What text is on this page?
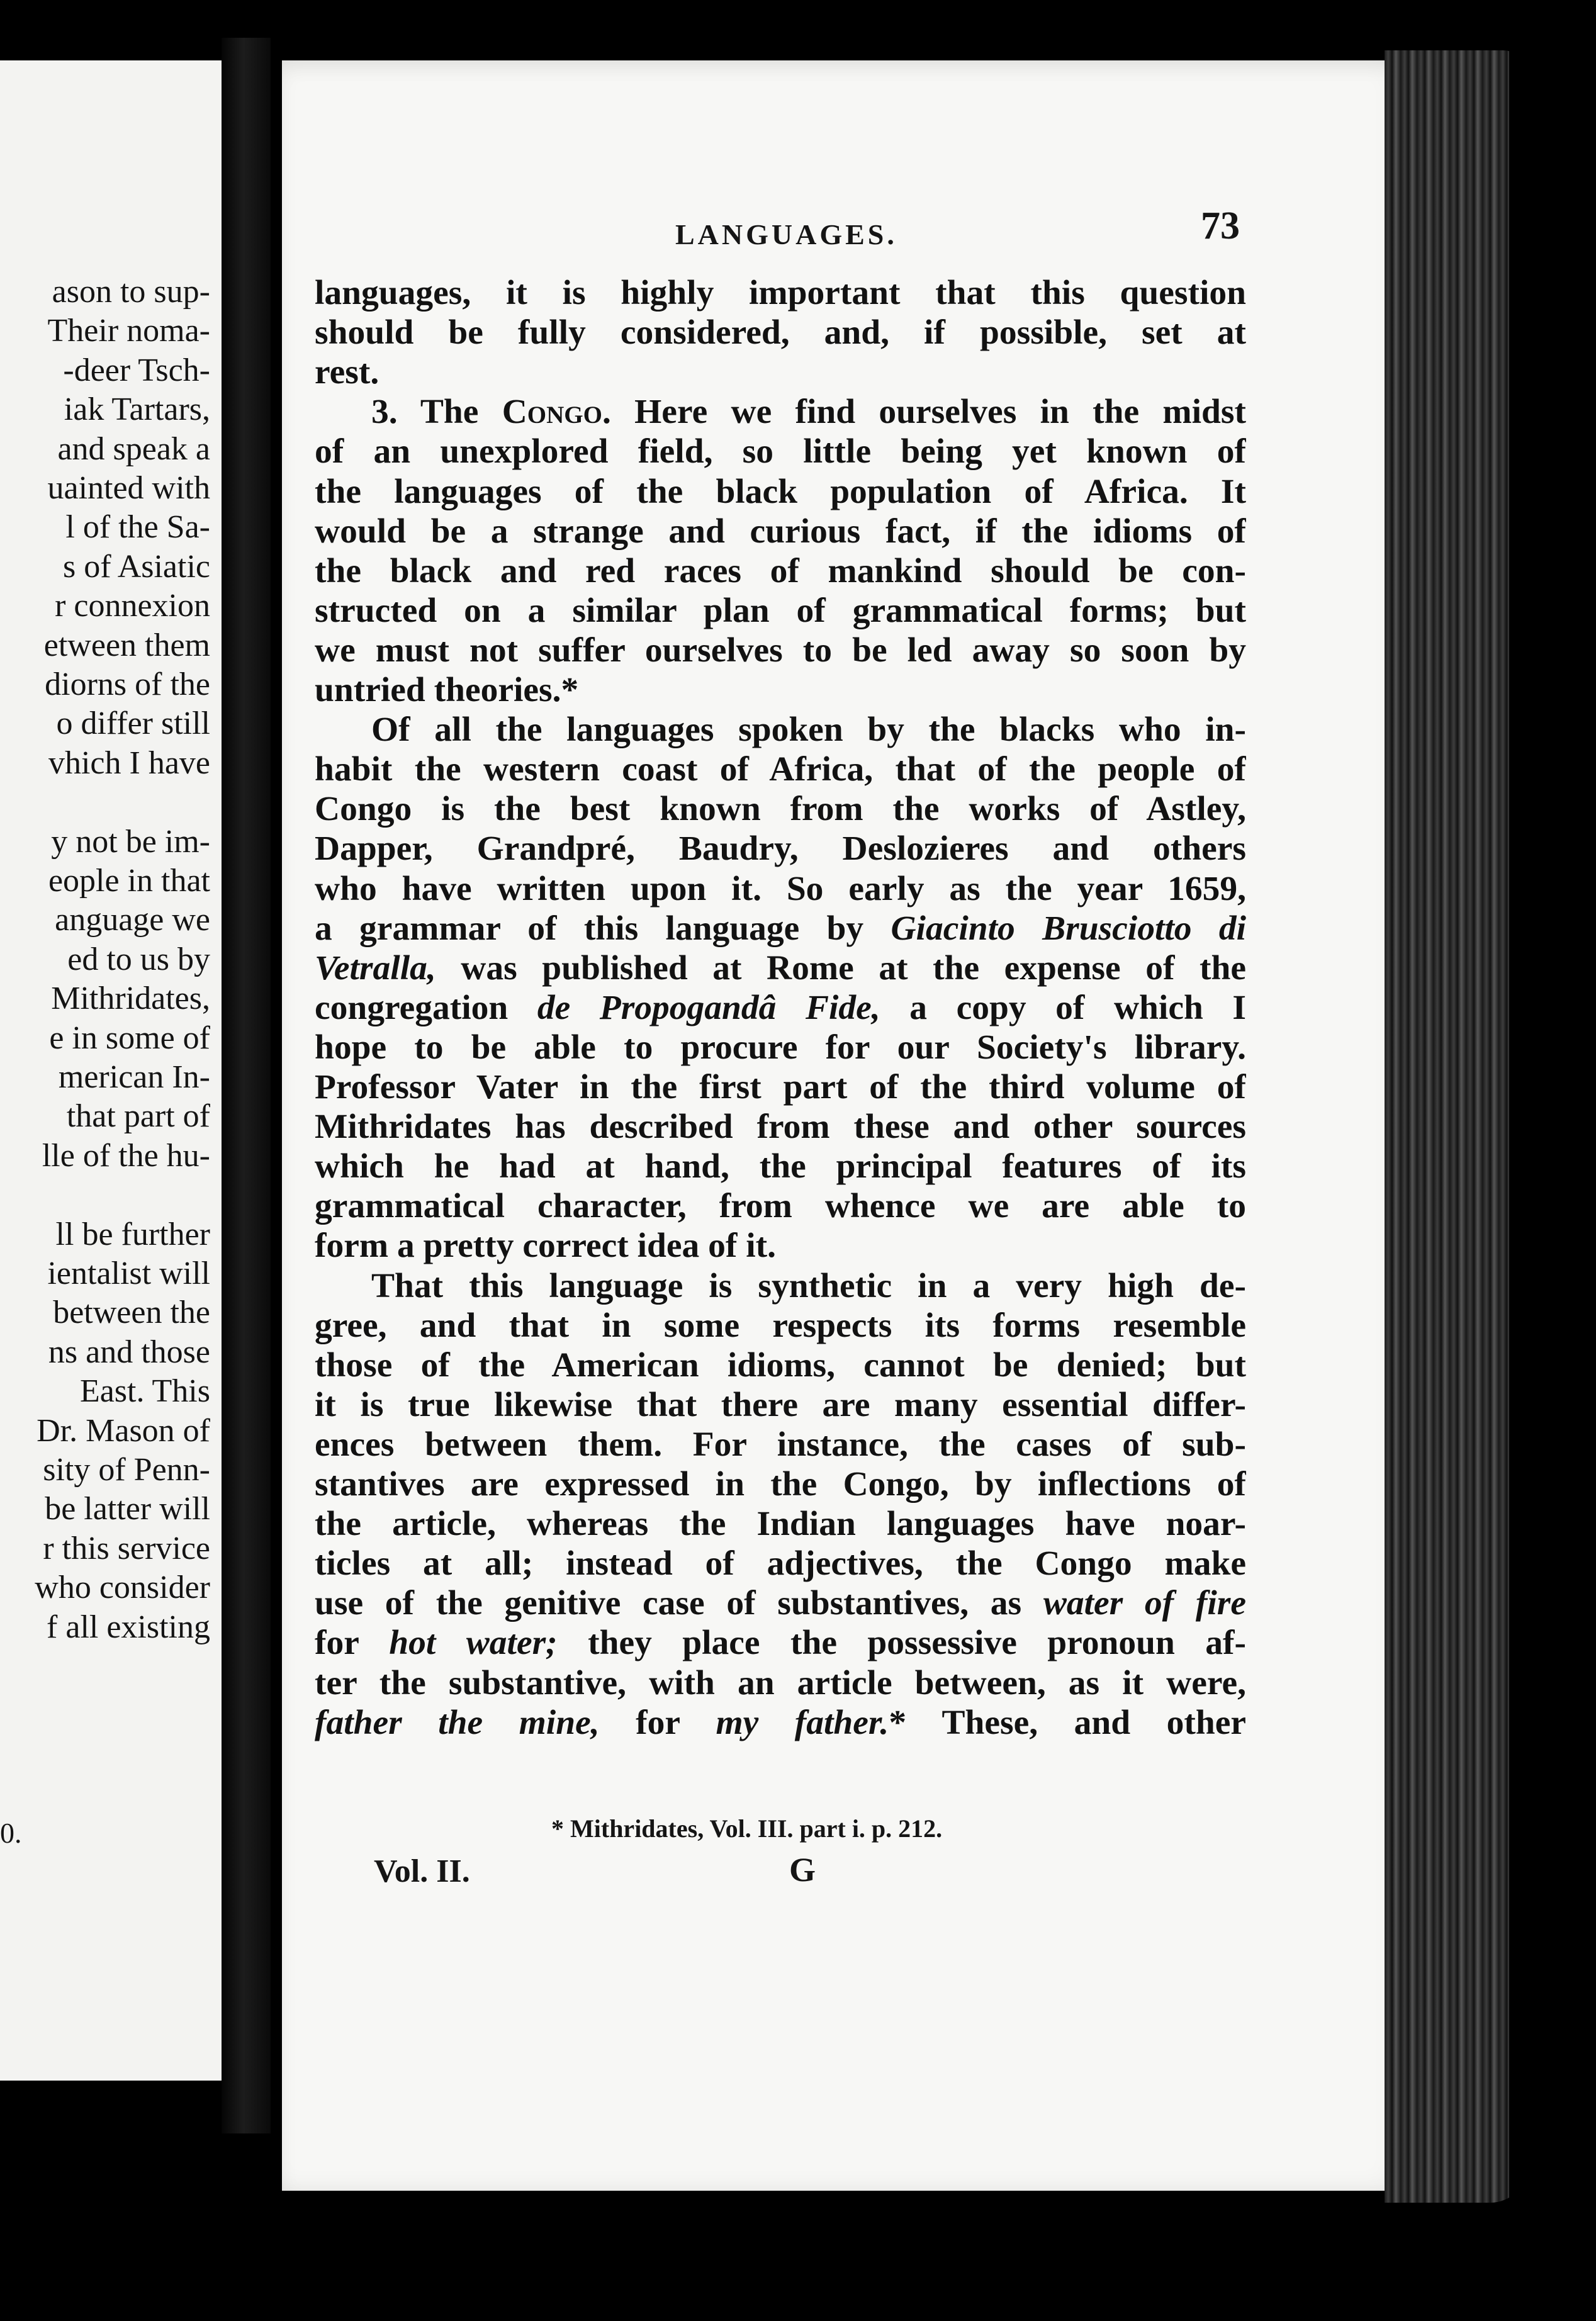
ason to sup-
Their noma-
-deer Tsch-
iak Tartars,
and speak a
uainted with
l of the Sa-
s of Asiatic
r connexion
etween them
diorns of the
o differ still
vhich I have
y not be im-
eople in that
anguage we
ed to us by
Mithridates,
e in some of
merican In-
that part of
lle of the hu-
ll be further
ientalist will
between the
ns and those
East. This
Dr. Mason of
sity of Penn-
be latter will
r this service
who consider
f all existing
0.
LANGUAGES.	73
languages, it is highly important that this question
should be fully considered, and, if possible, set at
rest.
3. The Congo. Here we find ourselves in the midst
of an unexplored field, so little being yet known of
the languages of the black population of Africa. It
would be a strange and curious fact, if the idioms of
the black and red races of mankind should be con-
structed on a similar plan of grammatical forms; but
we must not suffer ourselves to be led away so soon by
untried theories.*
Of all the languages spoken by the blacks who in-
habit the western coast of Africa, that of the people of
Congo is the best known from the works of Astley,
Dapper, Grandpré, Baudry, Deslozieres and others
who have written upon it. So early as the year 1659,
a grammar of this language by Giacinto Brusciotto di
Vetralla, was published at Rome at the expense of the
congregation de Propogandâ Fide, a copy of which I
hope to be able to procure for our Society's library.
Professor Vater in the first part of the third volume of
Mithridates has described from these and other sources
which he had at hand, the principal features of its
grammatical character, from whence we are able to
form a pretty correct idea of it.
That this language is synthetic in a very high de-
gree, and that in some respects its forms resemble
those of the American idioms, cannot be denied; but
it is true likewise that there are many essential differ-
ences between them. For instance, the cases of sub-
stantives are expressed in the Congo, by inflections of
the article, whereas the Indian languages have noar-
ticles at all; instead of adjectives, the Congo make
use of the genitive case of substantives, as water of fire
for hot water; they place the possessive pronoun af-
ter the substantive, with an article between, as it were,
father the mine, for my father.* These, and other
* Mithridates, Vol. III. part i. p. 212.
Vol. II.	G
